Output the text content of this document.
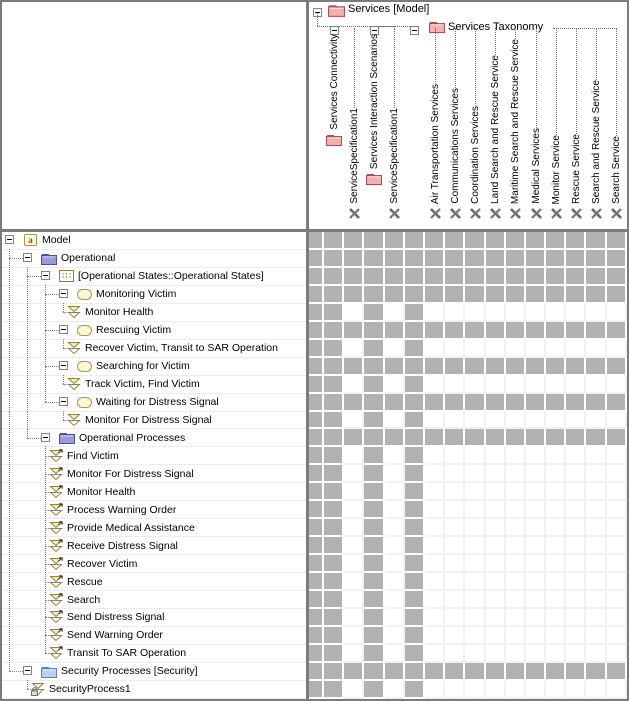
Services [Model]
Services Taxonomy
Services Connectivity
ServiceSpecification1 Services Interaction Scenarios ServiceSpecification1	Air Transportation Services Communications Services Coordination Services Land Search and Rescue Service Maritime Search and Rescue Service Medical Services Monitor Service Rescue Service Search and Rescue Service Search Service
a Model
Operational
[Operational States::Operational States]
Monitoring Victim
Monitor Health
Rescuing Victim
Recover Victim, Transit to SAR Operation
Searching for Victim
Track Victim, Find Victim
Waiting for Distress Signal
Monitor For Distress Signal
Operational Processes
Find Victim
Monitor For Distress Signal
Monitor Health
Process Warning Order
Provide Medical Assistance
Receive Distress Signal
Recover Victim
Rescue
Search
Send Distress Signal
Send Warning Order
Transit To SAR Operation
Security Processes [Security]
SecurityProcess1
